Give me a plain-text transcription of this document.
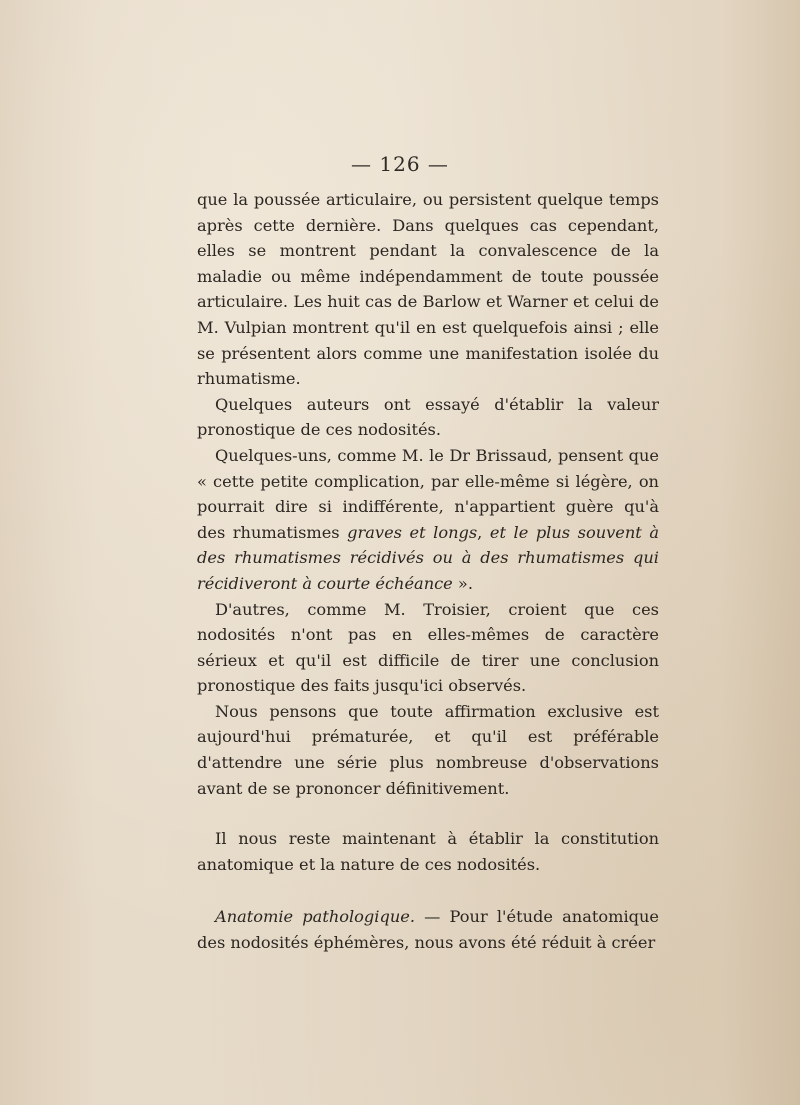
— 126 —

que la poussée articulaire, ou persistent quelque temps après cette dernière. Dans quelques cas cependant, elles se montrent pendant la convalescence de la maladie ou même indépendamment de toute poussée articulaire. Les huit cas de Barlow et Warner et celui de M. Vulpian montrent qu'il en est quelquefois ainsi ; elle se présentent alors comme une manifestation isolée du rhumatisme.

Quelques auteurs ont essayé d'établir la valeur pronostique de ces nodosités.

Quelques-uns, comme M. le Dr Brissaud, pensent que « cette petite complication, par elle-même si légère, on pourrait dire si indifférente, n'appartient guère qu'à des rhumatismes graves et longs, et le plus souvent à des rhumatismes récidivés ou à des rhumatismes qui récidiveront à courte échéance ».

D'autres, comme M. Troisier, croient que ces nodosités n'ont pas en elles-mêmes de caractère sérieux et qu'il est difficile de tirer une conclusion pronostique des faits jusqu'ici observés.

Nous pensons que toute affirmation exclusive est aujourd'hui prématurée, et qu'il est préférable d'attendre une série plus nombreuse d'observations avant de se prononcer définitivement.

Il nous reste maintenant à établir la constitution anatomique et la nature de ces nodosités.

Anatomie pathologique. — Pour l'étude anatomique des nodosités éphémères, nous avons été réduit à créer
